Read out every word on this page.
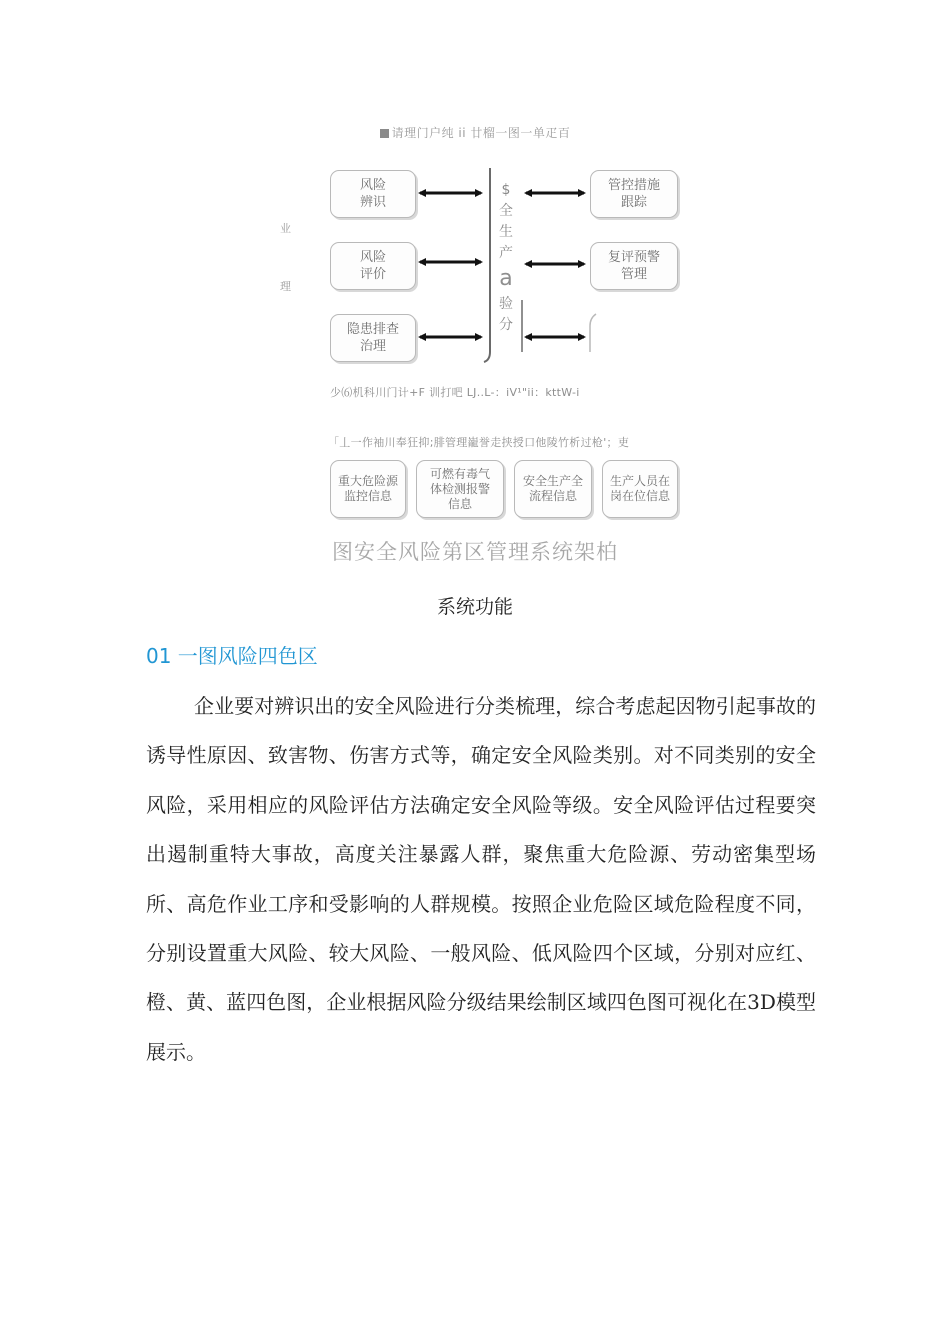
请理门户纯 ii 廿榴一图一单疋百
业
理
风险
辨识
风险
评价
隐患排查
治理
管控措施
跟踪
复评预警
管理
$
全
生
产
a
验
分
少⑹机科川门计+F 训打吧 LJ..L-：iV¹"ii：kttW-i
「丄一作袖川奉狂抑;腓管理巃誉走挟授口他陵竹析过枪'；吏
重大危险源
监控信息
可燃有毒气
体检测报警
信息
安全生产全
流程信息
生产人员在
岗在位信息
图安全风险第区管理系统架柏
系统功能
01 一图风险四色区
企业要对辨识出的安全风险进行分类梳理，综合考虑起因物引起事故的诱导性原因、致害物、伤害方式等，确定安全风险类别。对不同类别的安全风险，采用相应的风险评估方法确定安全风险等级。安全风险评估过程要突出遏制重特大事故，高度关注暴露人群，聚焦重大危险源、劳动密集型场所、高危作业工序和受影响的人群规模。按照企业危险区域危险程度不同，分别设置重大风险、较大风险、一般风险、低风险四个区域，分别对应红、橙、黄、蓝四色图，企业根据风险分级结果绘制区域四色图可视化在3D模型展示。
